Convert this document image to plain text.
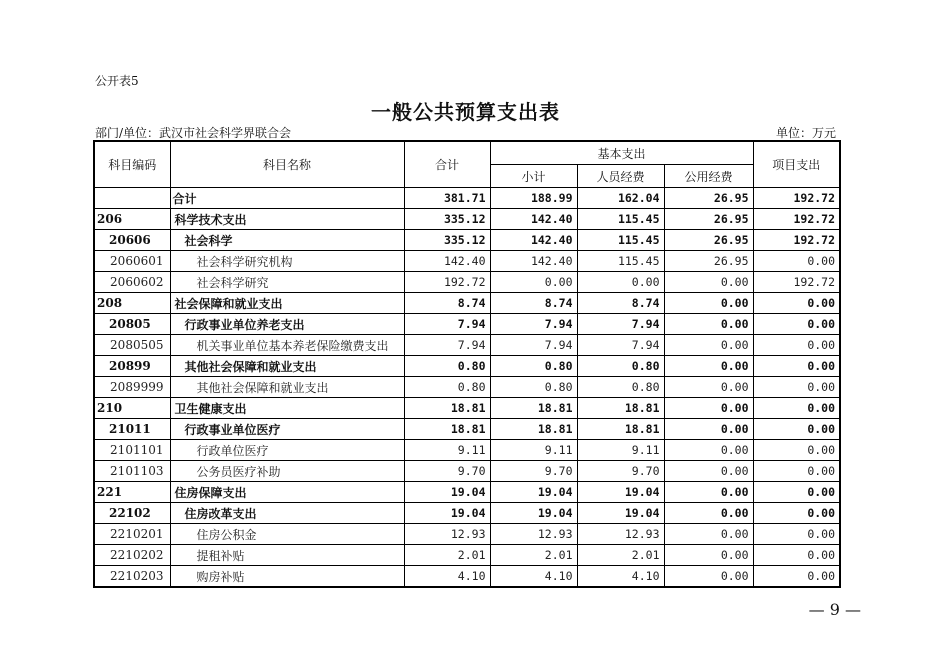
公开表5
一般公共预算支出表
部门/单位：武汉市社会科学界联合会	单位：万元
科目编码	科目名称	合计	基本支出			项目支出
			小计	人员经费	公用经费	
	合计	381.71	188.99	162.04	26.95	192.72
206	科学技术支出	335.12	142.40	115.45	26.95	192.72
20606	社会科学	335.12	142.40	115.45	26.95	192.72
2060601	社会科学研究机构	142.40	142.40	115.45	26.95	0.00
2060602	社会科学研究	192.72	0.00	0.00	0.00	192.72
208	社会保障和就业支出	8.74	8.74	8.74	0.00	0.00
20805	行政事业单位养老支出	7.94	7.94	7.94	0.00	0.00
2080505	机关事业单位基本养老保险缴费支出	7.94	7.94	7.94	0.00	0.00
20899	其他社会保障和就业支出	0.80	0.80	0.80	0.00	0.00
2089999	其他社会保障和就业支出	0.80	0.80	0.80	0.00	0.00
210	卫生健康支出	18.81	18.81	18.81	0.00	0.00
21011	行政事业单位医疗	18.81	18.81	18.81	0.00	0.00
2101101	行政单位医疗	9.11	9.11	9.11	0.00	0.00
2101103	公务员医疗补助	9.70	9.70	9.70	0.00	0.00
221	住房保障支出	19.04	19.04	19.04	0.00	0.00
22102	住房改革支出	19.04	19.04	19.04	0.00	0.00
2210201	住房公积金	12.93	12.93	12.93	0.00	0.00
2210202	提租补贴	2.01	2.01	2.01	0.00	0.00
2210203	购房补贴	4.10	4.10	4.10	0.00	0.00
— 9 —
